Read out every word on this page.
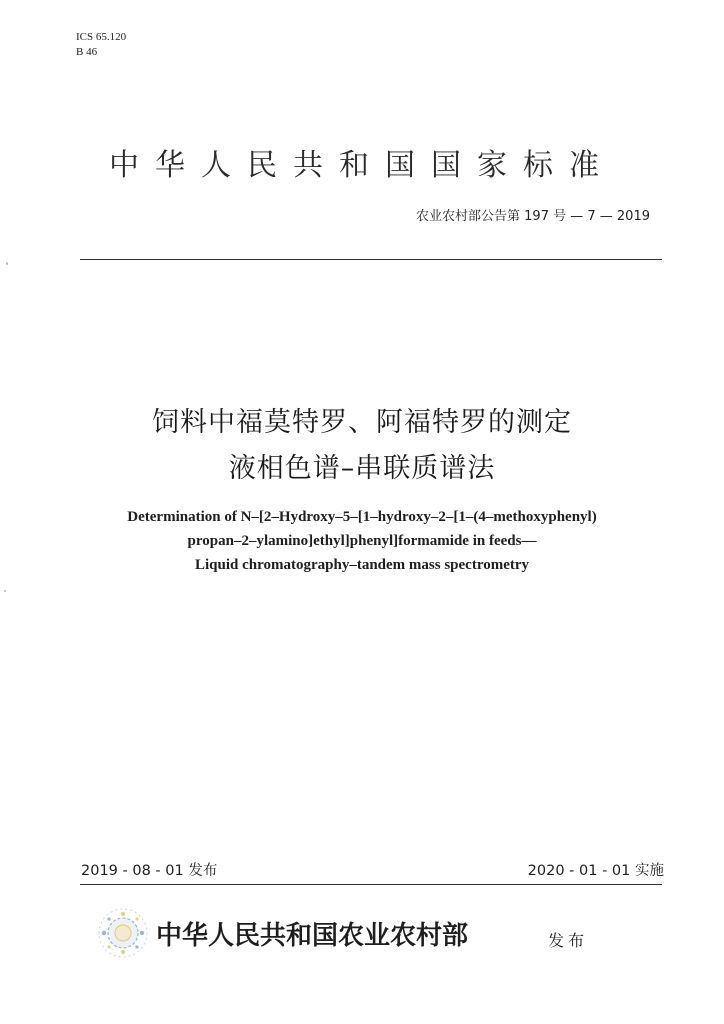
ICS 65.120
B 46
中华人民共和国国家标准
农业农村部公告第 197 号 — 7 — 2019
饲料中福莫特罗、阿福特罗的测定
液相色谱–串联质谱法
Determination of N–[2–Hydroxy–5–[1–hydroxy–2–[1–(4–methoxyphenyl)
propan–2–ylamino]ethyl]phenyl]formamide in feeds—
Liquid chromatography–tandem mass spectrometry
2019 - 08 - 01 发布	2020 - 01 - 01 实施
中华人民共和国农业农村部	发布
